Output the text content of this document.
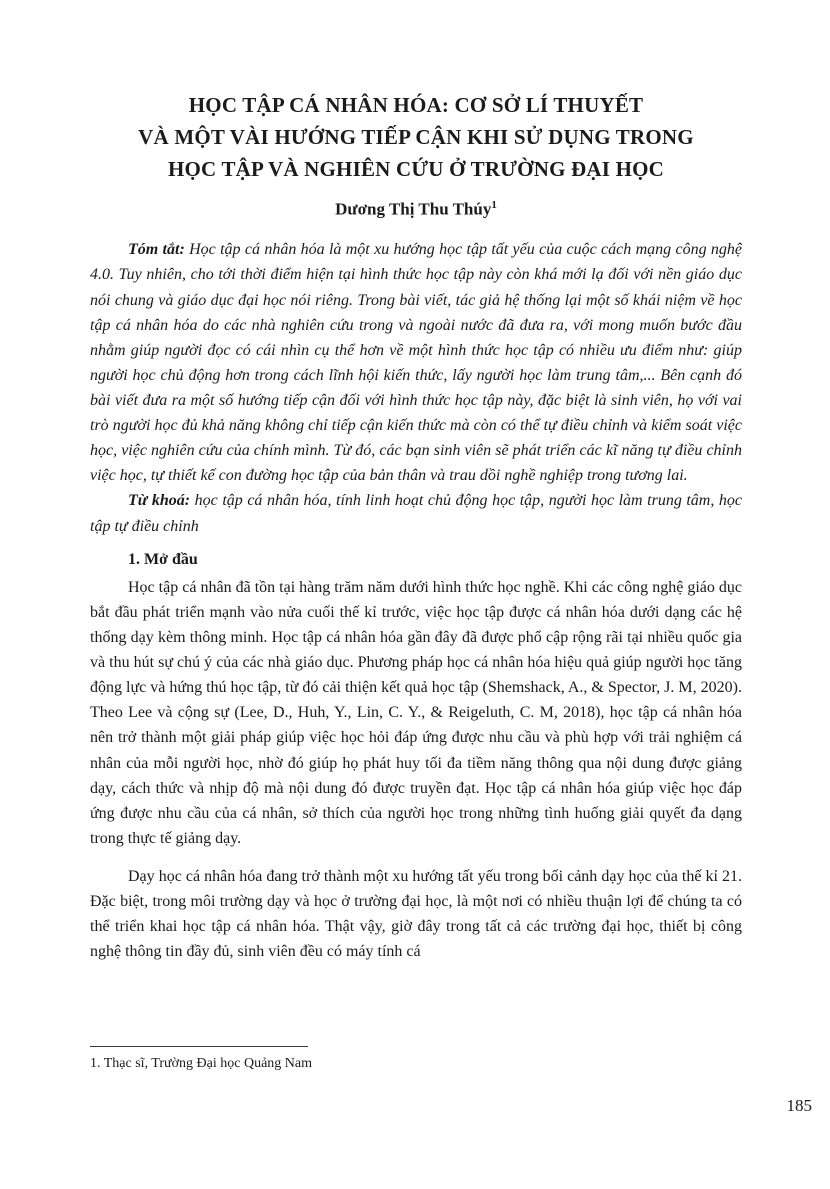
HỌC TẬP CÁ NHÂN HÓA: CƠ SỞ LÍ THUYẾT
VÀ MỘT VÀI HƯỚNG TIẾP CẬN KHI SỬ DỤNG TRONG
HỌC TẬP VÀ NGHIÊN CỨU Ở TRƯỜNG ĐẠI HỌC
Dương Thị Thu Thúy$^1$

Tóm tắt: Học tập cá nhân hóa là một xu hướng học tập tất yếu của cuộc cách mạng công nghệ 4.0. Tuy nhiên, cho tới thời điểm hiện tại hình thức học tập này còn khá mới lạ đối với nền giáo dục nói chung và giáo dục đại học nói riêng. Trong bài viết, tác giả hệ thống lại một số khái niệm về học tập cá nhân hóa do các nhà nghiên cứu trong và ngoài nước đã đưa ra, với mong muốn bước đầu nhằm giúp người đọc có cái nhìn cụ thể hơn về một hình thức học tập có nhiều ưu điểm như: giúp người học chủ động hơn trong cách lĩnh hội kiến thức, lấy người học làm trung tâm,... Bên cạnh đó bài viết đưa ra một số hướng tiếp cận đối với hình thức học tập này, đặc biệt là sinh viên, họ với vai trò người học đủ khả năng không chỉ tiếp cận kiến thức mà còn có thể tự điều chỉnh và kiểm soát việc học, việc nghiên cứu của chính mình. Từ đó, các bạn sinh viên sẽ phát triển các kĩ năng tự điều chỉnh việc học, tự thiết kế con đường học tập của bản thân và trau dồi nghề nghiệp trong tương lai.

Từ khoá: học tập cá nhân hóa, tính linh hoạt chủ động học tập, người học làm trung tâm, học tập tự điều chỉnh

1. Mở đầu

Học tập cá nhân đã tồn tại hàng trăm năm dưới hình thức học nghề. Khi các công nghệ giáo dục bắt đầu phát triển mạnh vào nửa cuối thế kỉ trước, việc học tập được cá nhân hóa dưới dạng các hệ thống dạy kèm thông minh. Học tập cá nhân hóa gần đây đã được phổ cập rộng rãi tại nhiều quốc gia và thu hút sự chú ý của các nhà giáo dục. Phương pháp học cá nhân hóa hiệu quả giúp người học tăng động lực và hứng thú học tập, từ đó cải thiện kết quả học tập (Shemshack, A., & Spector, J. M, 2020). Theo Lee và cộng sự (Lee, D., Huh, Y., Lin, C. Y., & Reigeluth, C. M, 2018), học tập cá nhân hóa nên trở thành một giải pháp giúp việc học hỏi đáp ứng được nhu cầu và phù hợp với trải nghiệm cá nhân của mỗi người học, nhờ đó giúp họ phát huy tối đa tiềm năng thông qua nội dung được giảng dạy, cách thức và nhịp độ mà nội dung đó được truyền đạt. Học tập cá nhân hóa giúp việc học đáp ứng được nhu cầu của cá nhân, sở thích của người học trong những tình huống giải quyết đa dạng trong thực tế giảng dạy.

Dạy học cá nhân hóa đang trở thành một xu hướng tất yếu trong bối cảnh dạy học của thế kỉ 21. Đặc biệt, trong môi trường dạy và học ở trường đại học, là một nơi có nhiều thuận lợi để chúng ta có thể triển khai học tập cá nhân hóa. Thật vậy, giờ đây trong tất cả các trường đại học, thiết bị công nghệ thông tin đầy đủ, sinh viên đều có máy tính cá

1. Thạc sĩ, Trường Đại học Quảng Nam
185
